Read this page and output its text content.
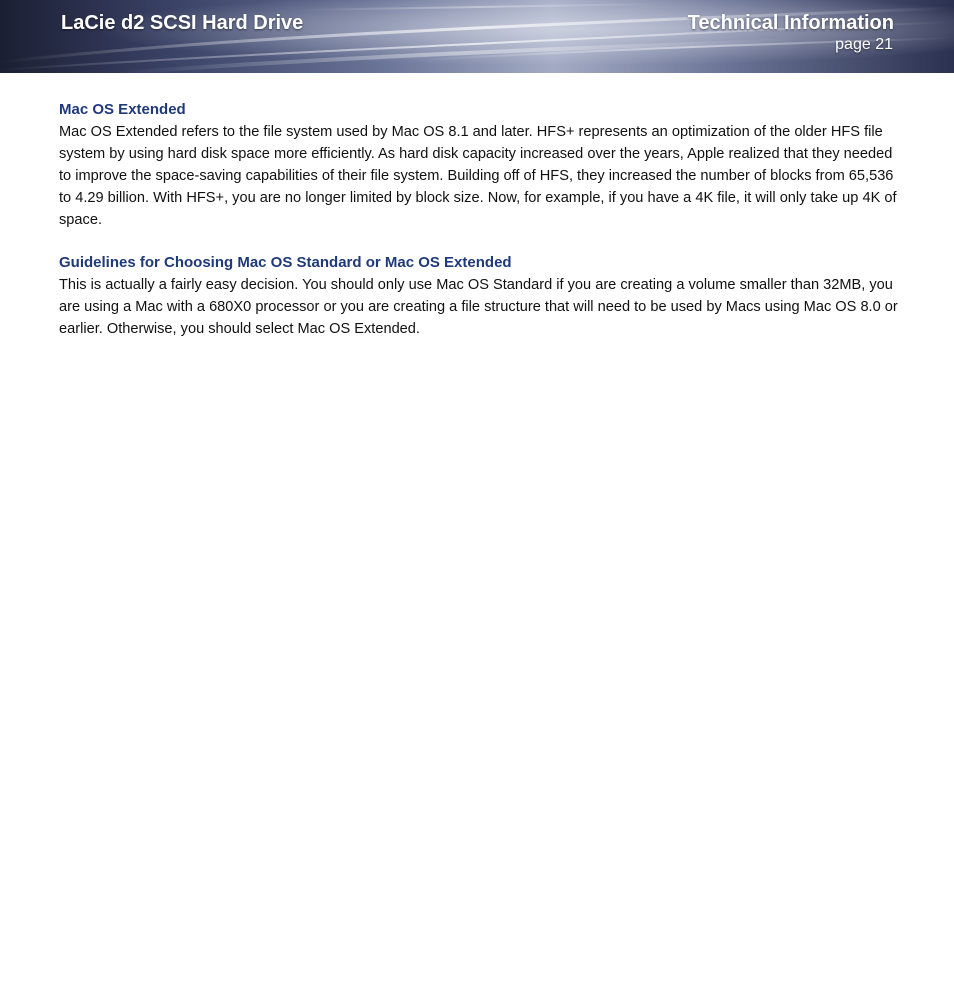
LaCie d2 SCSI Hard Drive	Technical Information
page 21
Mac OS Extended

Mac OS Extended refers to the file system used by Mac OS 8.1 and later. HFS+ represents an optimization of the older HFS file system by using hard disk space more efficiently. As hard disk capacity increased over the years, Apple realized that they needed to improve the space-saving capabilities of their file system. Building off of HFS, they increased the number of blocks from 65,536 to 4.29 billion. With HFS+, you are no longer limited by block size. Now, for example, if you have a 4K file, it will only take up 4K of space.

Guidelines for Choosing Mac OS Standard or Mac OS Extended

This is actually a fairly easy decision. You should only use Mac OS Standard if you are creating a volume smaller than 32MB, you are using a Mac with a 680X0 processor or you are creating a file structure that will need to be used by Macs using Mac OS 8.0 or earlier. Otherwise, you should select Mac OS Extended.
